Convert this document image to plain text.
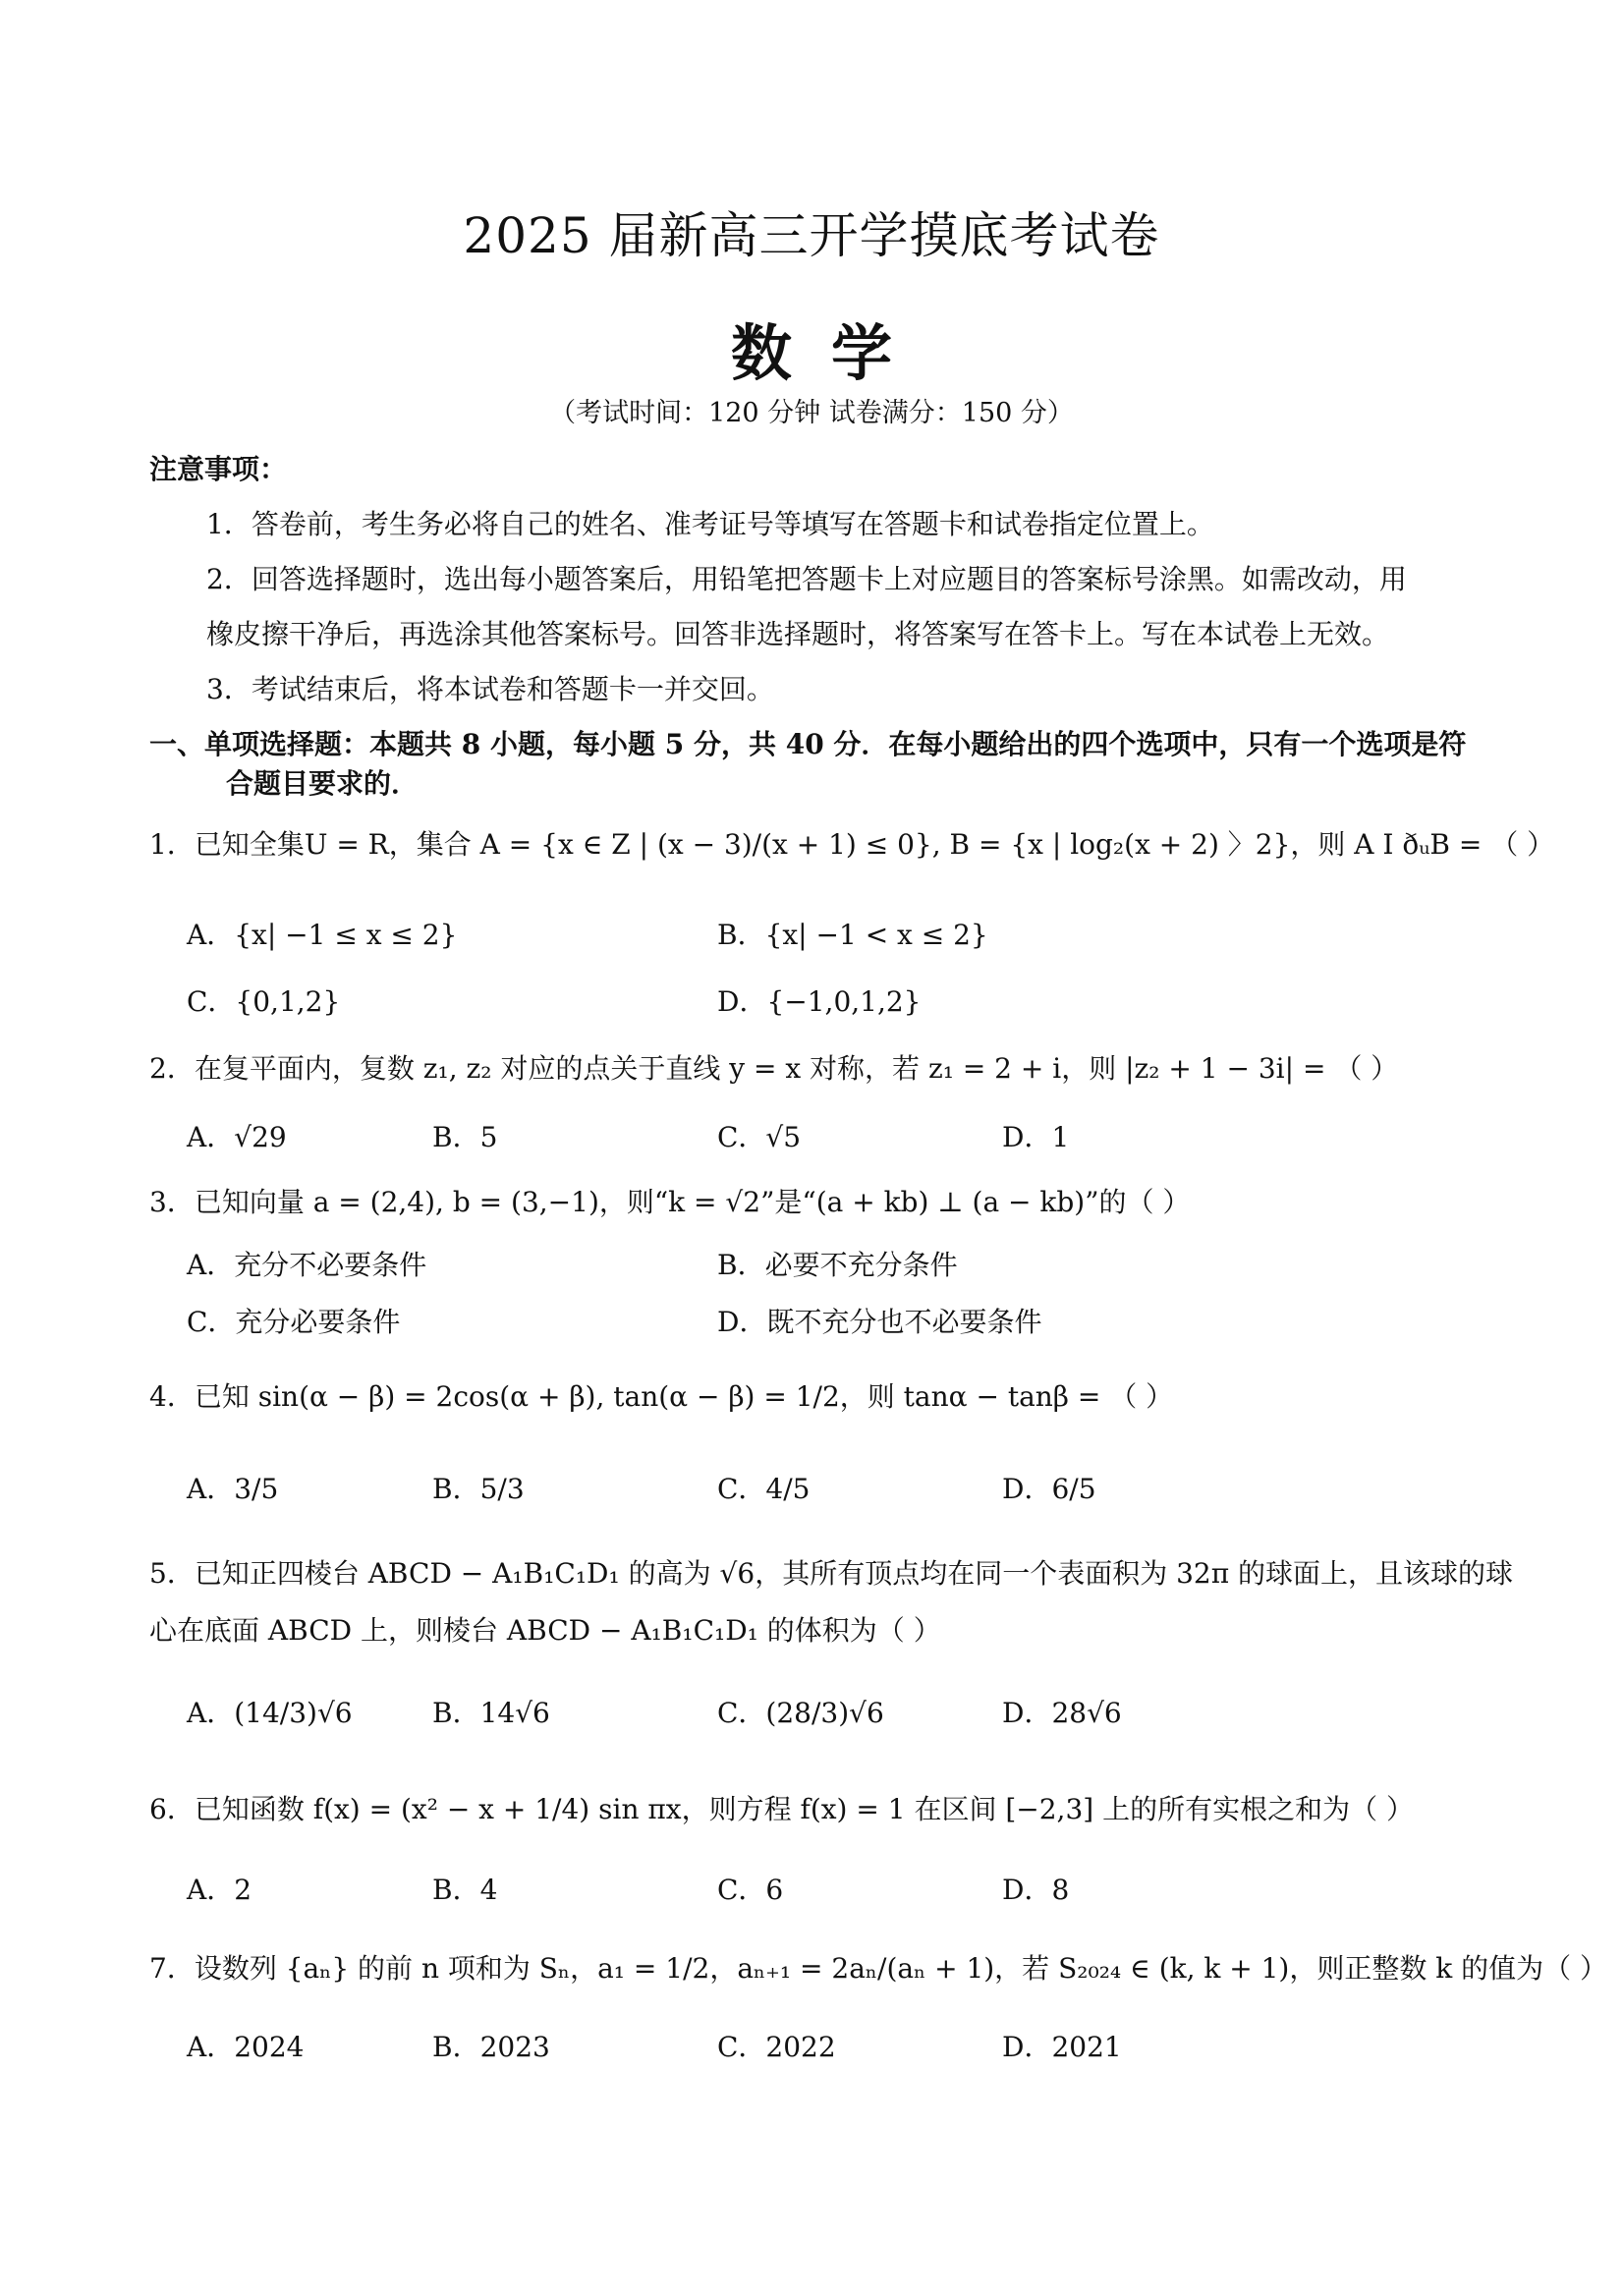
2025 届新高三开学摸底考试卷
数学
（考试时间：120 分钟 试卷满分：150 分）
注意事项：
1．答卷前，考生务必将自己的姓名、准考证号等填写在答题卡和试卷指定位置上。
2．回答选择题时，选出每小题答案后，用铅笔把答题卡上对应题目的答案标号涂黑。如需改动，用
橡皮擦干净后，再选涂其他答案标号。回答非选择题时，将答案写在答卡上。写在本试卷上无效。
3．考试结束后，将本试卷和答题卡一并交回。
一、单项选择题：本题共 8 小题，每小题 5 分，共 40 分．在每小题给出的四个选项中，只有一个选项是符
合题目要求的．
1．已知全集U = R，集合 A = {x ∈ Z | (x − 3)/(x + 1) ≤ 0}, B = {x | log₂(x + 2) 〉2}，则 A I ðᵤB = （ ）
A．{x| −1 ≤ x ≤ 2}	B．{x| −1 < x ≤ 2}
C．{0,1,2}	D．{−1,0,1,2}
2．在复平面内，复数 z₁, z₂ 对应的点关于直线 y = x 对称，若 z₁ = 2 + i，则 |z₂ + 1 − 3i| = （ ）
A．√29	B．5	C．√5	D．1
3．已知向量 a = (2,4), b = (3,−1)，则“k = √2”是“(a + kb) ⊥ (a − kb)”的（ ）
A．充分不必要条件	B．必要不充分条件
C．充分必要条件	D．既不充分也不必要条件
4．已知 sin(α − β) = 2cos(α + β), tan(α − β) = 1/2，则 tanα − tanβ = （ ）
A．3/5	B．5/3	C．4/5	D．6/5
5．已知正四棱台 ABCD − A₁B₁C₁D₁ 的高为 √6，其所有顶点均在同一个表面积为 32π 的球面上，且该球的球
心在底面 ABCD 上，则棱台 ABCD − A₁B₁C₁D₁ 的体积为（ ）
A．(14/3)√6	B．14√6	C．(28/3)√6	D．28√6
6．已知函数 f(x) = (x² − x + 1/4) sin πx，则方程 f(x) = 1 在区间 [−2,3] 上的所有实根之和为（ ）
A．2	B．4	C．6	D．8
7．设数列 {aₙ} 的前 n 项和为 Sₙ，a₁ = 1/2，aₙ₊₁ = 2aₙ/(aₙ + 1)，若 S₂₀₂₄ ∈ (k, k + 1)，则正整数 k 的值为（ ）
A．2024	B．2023	C．2022	D．2021
